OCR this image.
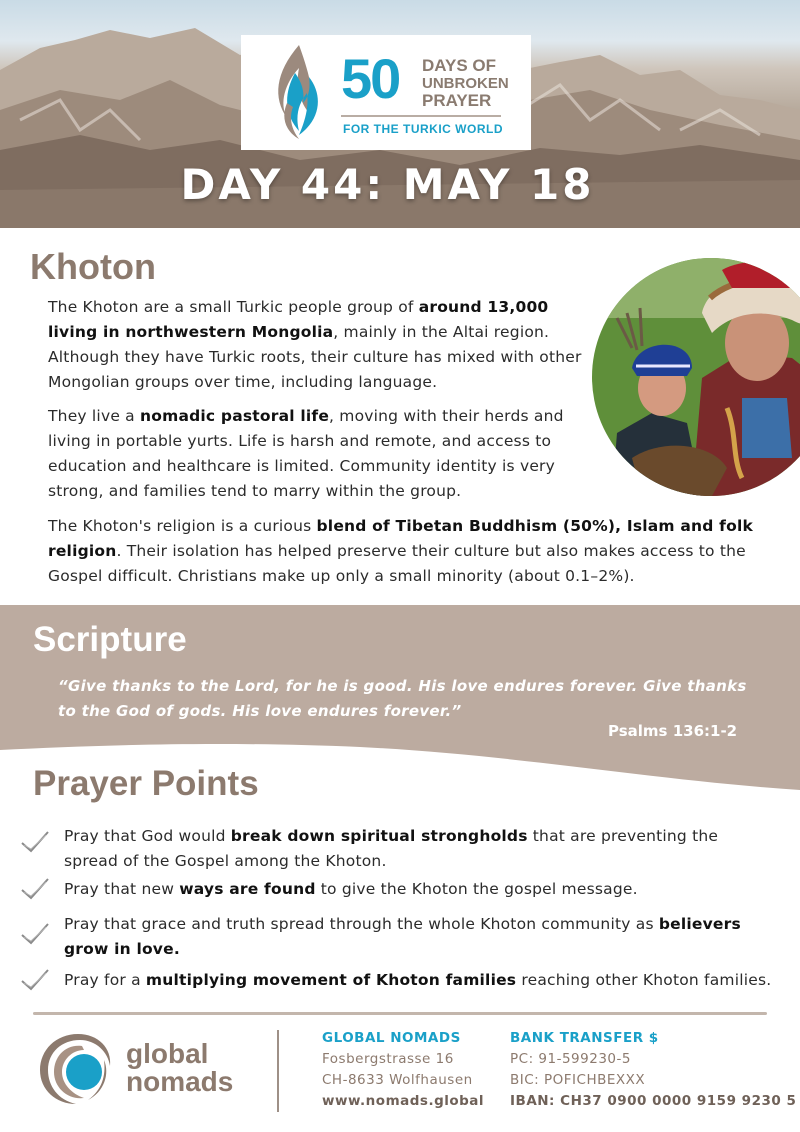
50 DAYS OF
UNBROKEN
PRAYER
FOR THE TURKIC WORLD
DAY 44: MAY 18
Khoton

The Khoton are a small Turkic people group of around 13,000 living in northwestern Mongolia, mainly in the Altai region. Although they have Turkic roots, their culture has mixed with other Mongolian groups over time, including language.

They live a nomadic pastoral life, moving with their herds and living in portable yurts. Life is harsh and remote, and access to education and healthcare is limited. Community identity is very strong, and families tend to marry within the group.

The Khoton's religion is a curious blend of Tibetan Buddhism (50%), Islam and folk religion. Their isolation has helped preserve their culture but also makes access to the Gospel difficult. Christians make up only a small minority (about 0.1–2%).

Scripture

“Give thanks to the Lord, for he is good. His love endures forever. Give thanks to the God of gods. His love endures forever.”

Psalms 136:1-2
Prayer Points

Pray that God would break down spiritual strongholds that are preventing the spread of the Gospel among the Khoton.

Pray that new ways are found to give the Khoton the gospel message.

Pray that grace and truth spread through the whole Khoton community as believers grow in love.

Pray for a multiplying movement of Khoton families reaching other Khoton families.

global
nomads
GLOBAL NOMADS
Fosbergstrasse 16
CH-8633 Wolfhausen
www.nomads.global
BANK TRANSFER $
PC: 91-599230-5
BIC: POFICHBEXXX
IBAN: CH37 0900 0000 9159 9230 5
